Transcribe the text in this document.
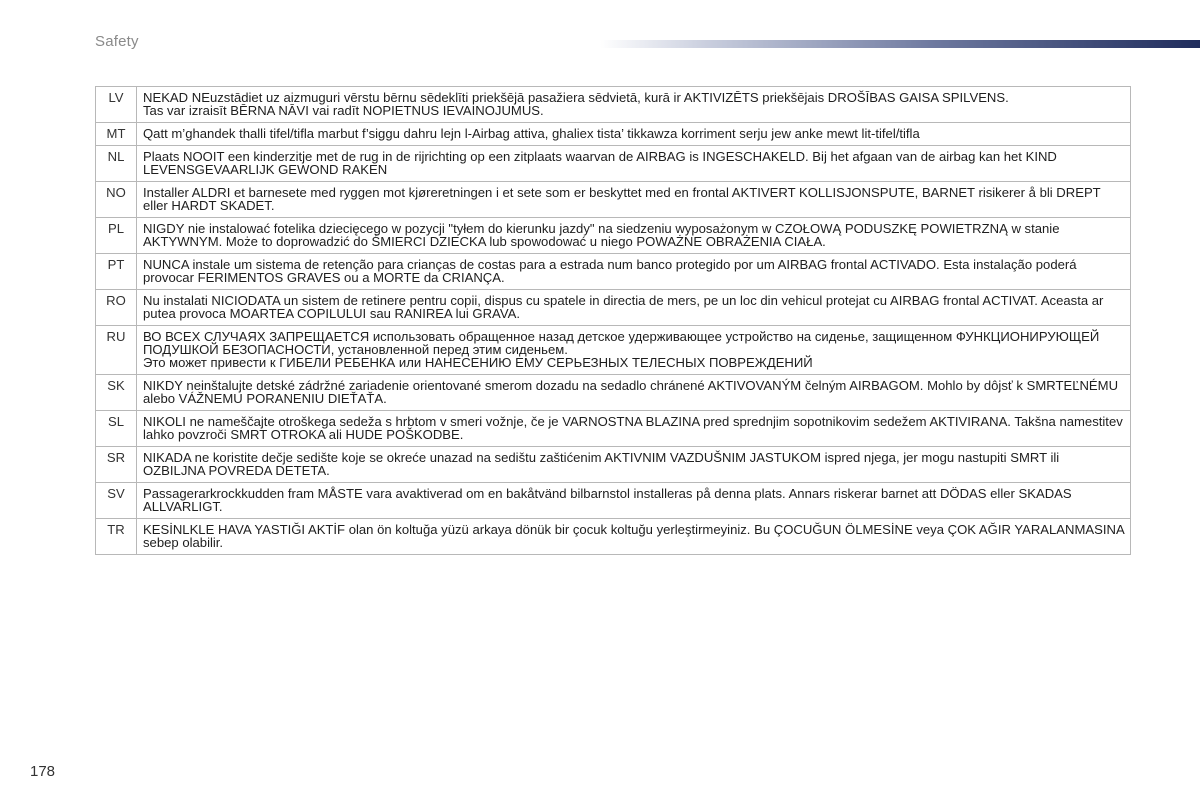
Safety
LV	NEKAD NEuzstādiet uz aizmuguri vērstu bērnu sēdeklīti priekšējā pasažiera sēdvietā, kurā ir AKTIVIZĒTS priekšējais DROŠĪBAS GAISA SPILVENS.
Tas var izraisīt BĒRNA NĀVI vai radīt NOPIETNUS IEVAINOJUMUS.

MT	Qatt m’ghandek thalli tifel/tifla marbut f’siggu dahru lejn l-Airbag attiva, ghaliex tista’ tikkawza korriment serju jew anke mewt lit-tifel/tifla

NL	Plaats NOOIT een kinderzitje met de rug in de rijrichting op een zitplaats waarvan de AIRBAG is INGESCHAKELD. Bij het afgaan van de airbag kan het KIND LEVENSGEVAARLIJK GEWOND RAKEN

NO	Installer ALDRI et barnesete med ryggen mot kjøreretningen i et sete som er beskyttet med en frontal AKTIVERT KOLLISJONSPUTE, BARNET risikerer å bli DREPT eller HARDT SKADET.

PL	NIGDY nie instalować fotelika dziecięcego w pozycji "tyłem do kierunku jazdy" na siedzeniu wyposażonym w CZOŁOWĄ PODUSZKĘ POWIETRZNĄ w stanie AKTYWNYM. Może to doprowadzić do ŚMIERCI DZIECKA lub spowodować u niego POWAŻNE OBRAŻENIA CIAŁA.

PT	NUNCA instale um sistema de retenção para crianças de costas para a estrada num banco protegido por um AIRBAG frontal ACTIVADO. Esta instalação poderá provocar FERIMENTOS GRAVES ou a MORTE da CRIANÇA.

RO	Nu instalati NICIODATA un sistem de retinere pentru copii, dispus cu spatele in directia de mers, pe un loc din vehicul protejat cu AIRBAG frontal ACTIVAT. Aceasta ar putea provoca MOARTEA COPILULUI sau RANIREA lui GRAVA.

RU	ВО ВСЕХ СЛУЧАЯХ ЗАПРЕЩАЕТСЯ использовать обращенное назад детское удерживающее устройство на сиденье, защищенном ФУНКЦИОНИРУЮЩЕЙ ПОДУШКОЙ БЕЗОПАСНОСТИ, установленной перед этим сиденьем.
Это может привести к ГИБЕЛИ РЕБЕНКА или НАНЕСЕНИЮ ЕМУ СЕРЬЕЗНЫХ ТЕЛЕСНЫХ ПОВРЕЖДЕНИЙ

SK	NIKDY neinštalujte detské zádržné zariadenie orientované smerom dozadu na sedadlo chránené AKTIVOVANÝM čelným AIRBAGOM. Mohlo by dôjsť k SMRTEĽNÉMU alebo VÁŽNEMU PORANENIU DIEŤAŤA.

SL	NIKOLI ne nameščajte otroškega sedeža s hrbtom v smeri vožnje, če je VARNOSTNA BLAZINA pred sprednjim sopotnikovim sedežem AKTIVIRANA. Takšna namestitev lahko povzroči SMRT OTROKA ali HUDE POŠKODBE.

SR	NIKADA ne koristite dečje sedište koje se okreće unazad na sedištu zaštićenim AKTIVNIM VAZDUŠNIM JASTUKOM ispred njega, jer mogu nastupiti SMRT ili OZBILJNA POVREDA DETETA.

SV	Passagerarkrockkudden fram MÅSTE vara avaktiverad om en bakåtvänd bilbarnstol installeras på denna plats. Annars riskerar barnet att DÖDAS eller SKADAS ALLVARLIGT.

TR	KESİNLKLE HAVA YASTIĞI AKTİF olan ön koltuğa yüzü arkaya dönük bir çocuk koltuğu yerleştirmeyiniz. Bu ÇOCUĞUN ÖLMESİNE veya ÇOK AĞIR YARALANMASINA sebep olabilir.
178
